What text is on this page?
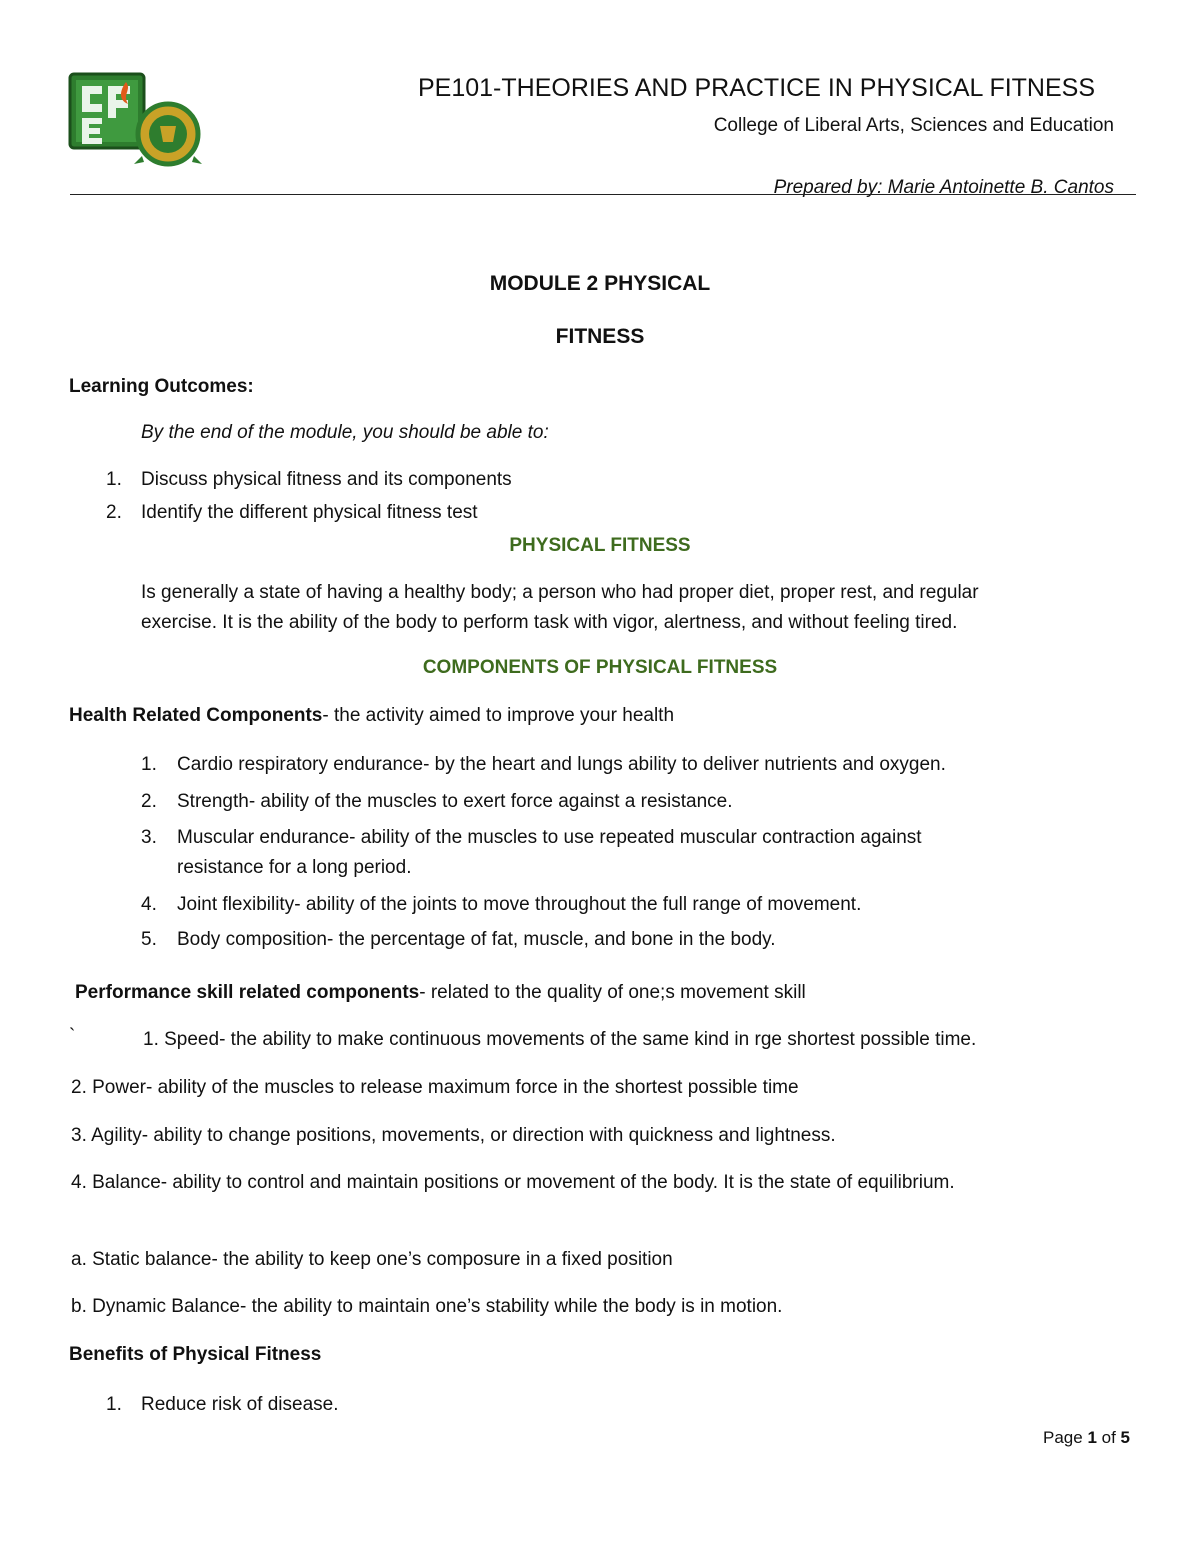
PE101-THEORIES AND PRACTICE IN PHYSICAL FITNESS
College of Liberal Arts, Sciences and Education
Prepared by: Marie Antoinette B. Cantos
MODULE 2 PHYSICAL
FITNESS
Learning Outcomes:
By the end of the module, you should be able to:
1. Discuss physical fitness and its components
2. Identify the different physical fitness test
PHYSICAL FITNESS
Is generally a state of having a healthy body; a person who had proper diet, proper rest, and regular
exercise. It is the ability of the body to perform task with vigor, alertness, and without feeling tired.
COMPONENTS OF PHYSICAL FITNESS
Health Related Components- the activity aimed to improve your health
1. Cardio respiratory endurance- by the heart and lungs ability to deliver nutrients and oxygen.
2. Strength- ability of the muscles to exert force against a resistance.
3. Muscular endurance- ability of the muscles to use repeated muscular contraction against
resistance for a long period.
4. Joint flexibility- ability of the joints to move throughout the full range of movement.
5. Body composition- the percentage of fat, muscle, and bone in the body.
Performance skill related components- related to the quality of one;s movement skill
`	1. Speed- the ability to make continuous movements of the same kind in rge shortest possible time.
2. Power- ability of the muscles to release maximum force in the shortest possible time
3. Agility- ability to change positions, movements, or direction with quickness and lightness.
4. Balance- ability to control and maintain positions or movement of the body. It is the state of equilibrium.
a. Static balance- the ability to keep one’s composure in a fixed position
b. Dynamic Balance- the ability to maintain one’s stability while the body is in motion.
Benefits of Physical Fitness
1. Reduce risk of disease.
Page 1 of 5
